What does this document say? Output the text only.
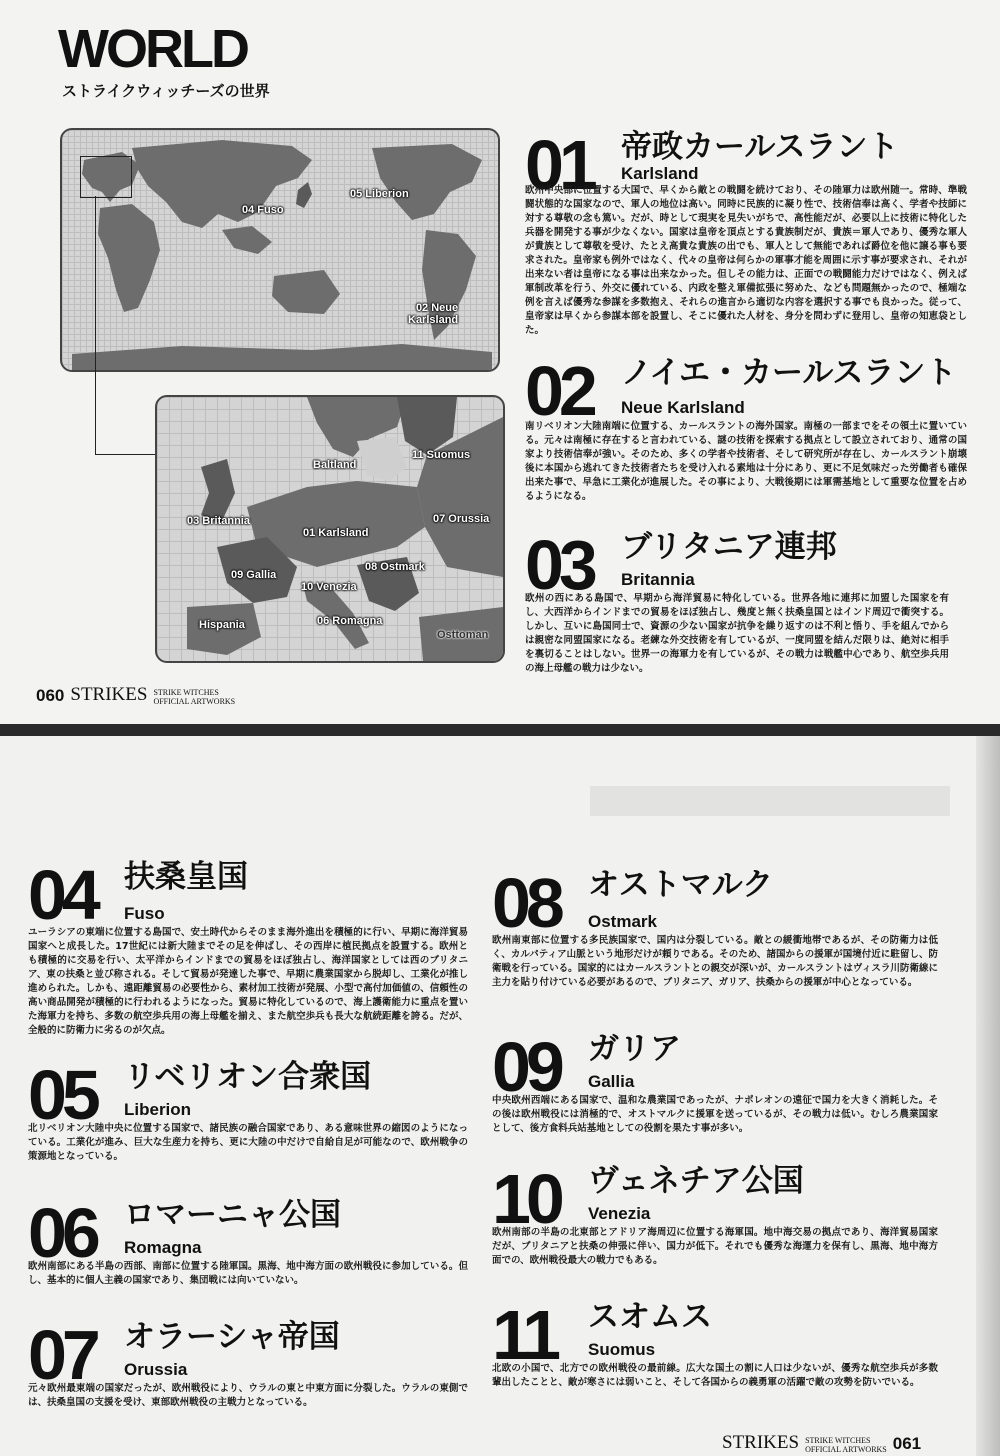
WORLD
ストライクウィッチーズの世界
04 Fuso
05 Liberion
02 Neue
Karlsland
Baltland
11 Suomus
03 Britannia
01 Karlsland
07 Orussia
09 Gallia
08 Ostmark
10 Venezia
Hispania	06 Romagna
Osttoman
01 帝政カールスラント
Karlsland
欧州中央部に位置する大国で、早くから敵との戦闘を続けており、その陸軍力は欧州随一。常時、準戦闘状態的な国家なので、軍人の地位は高い。同時に民族的に凝り性で、技術信奉は高く、学者や技師に対する尊敬の念も篤い。だが、時として現実を見失いがちで、高性能だが、必要以上に技術に特化した兵器を開発する事が少なくない。国家は皇帝を頂点とする貴族制だが、貴族＝軍人であり、優秀な軍人が貴族として尊敬を受け、たとえ高貴な貴族の出でも、軍人として無能であれば爵位を他に譲る事も要求された。皇帝家も例外ではなく、代々の皇帝は何らかの軍事才能を周囲に示す事が要求され、それが出来ない者は皇帝になる事は出来なかった。但しその能力は、正面での戦闘能力だけではなく、例えば軍制改革を行う、外交に優れている、内政を整え軍備拡張に努めた、なども問題無かったので、極端な例を言えば優秀な参謀を多数抱え、それらの進言から適切な内容を選択する事でも良かった。従って、皇帝家は早くから参謀本部を設置し、そこに優れた人材を、身分を問わずに登用し、皇帝の知恵袋とした。
02 ノイエ・カールスラント
Neue Karlsland
南リベリオン大陸南端に位置する、カールスラントの海外国家。南極の一部までをその領土に置いている。元々は南極に存在すると言われている、謎の技術を探索する拠点として設立されており、通常の国家より技術信奉が強い。そのため、多くの学者や技術者、そして研究所が存在し、カールスラント崩壊後に本国から逃れてきた技術者たちを受け入れる素地は十分にあり、更に不足気味だった労働者も確保出来た事で、早急に工業化が進展した。その事により、大戦後期には軍需基地として重要な位置を占めるようになる。
03 ブリタニア連邦
Britannia
欧州の西にある島国で、早期から海洋貿易に特化している。世界各地に連邦に加盟した国家を有し、大西洋からインドまでの貿易をほぼ独占し、幾度と無く扶桑皇国とはインド周辺で衝突する。しかし、互いに島国同士で、資源の少ない国家が抗争を繰り返すのは不利と悟り、手を組んでからは親密な同盟国家になる。老練な外交技術を有しているが、一度同盟を結んだ限りは、絶対に相手を裏切ることはしない。世界一の海軍力を有しているが、その戦力は戦艦中心であり、航空歩兵用の海上母艦の戦力は少ない。
060 STRIKES STRIKE WITCHES
OFFICIAL ARTWORKS
04 扶桑皇国
Fuso
ユーラシアの東端に位置する島国で、安土時代からそのまま海外進出を積極的に行い、早期に海洋貿易国家へと成長した。17世紀には新大陸までその足を伸ばし、その西岸に植民拠点を設置する。欧州とも積極的に交易を行い、太平洋からインドまでの貿易をほぼ独占し、海洋国家としては西のブリタニア、東の扶桑と並び称される。そして貿易が発達した事で、早期に農業国家から脱却し、工業化が推し進められた。しかも、遠距離貿易の必要性から、素材加工技術が発展、小型で高付加価値の、信頼性の高い商品開発が積極的に行われるようになった。貿易に特化しているので、海上護衛能力に重点を置いた海軍力を持ち、多数の航空歩兵用の海上母艦を揃え、また航空歩兵も長大な航続距離を誇る。だが、全般的に防衛力に劣るのが欠点。
05 リベリオン合衆国
Liberion
北リベリオン大陸中央に位置する国家で、諸民族の融合国家であり、ある意味世界の縮図のようになっている。工業化が進み、巨大な生産力を持ち、更に大陸の中だけで自給自足が可能なので、欧州戦争の策源地となっている。
06 ロマーニャ公国
Romagna
欧州南部にある半島の西部、南部に位置する陸軍国。黒海、地中海方面の欧州戦役に参加している。但し、基本的に個人主義の国家であり、集団戦には向いていない。
07 オラーシャ帝国
Orussia
元々欧州最東端の国家だったが、欧州戦役により、ウラルの東と中東方面に分裂した。ウラルの東側では、扶桑皇国の支援を受け、東部欧州戦役の主戦力となっている。
08 オストマルク
Ostmark
欧州南東部に位置する多民族国家で、国内は分裂している。敵との緩衝地帯であるが、その防衛力は低く、カルパティア山脈という地形だけが頼りである。そのため、諸国からの援軍が国境付近に駐留し、防衛戦を行っている。国家的にはカールスラントとの親交が深いが、カールスラントはヴィスラ川防衛線に主力を貼り付けている必要があるので、ブリタニア、ガリア、扶桑からの援軍が中心となっている。
09 ガリア
Gallia
中央欧州西端にある国家で、温和な農業国であったが、ナポレオンの遠征で国力を大きく消耗した。その後は欧州戦役には消極的で、オストマルクに援軍を送っているが、その戦力は低い。むしろ農業国家として、後方食料兵站基地としての役割を果たす事が多い。
10 ヴェネチア公国
Venezia
欧州南部の半島の北東部とアドリア海周辺に位置する海軍国。地中海交易の拠点であり、海洋貿易国家だが、ブリタニアと扶桑の伸張に伴い、国力が低下。それでも優秀な海運力を保有し、黒海、地中海方面での、欧州戦役最大の戦力でもある。
11 スオムス
Suomus
北欧の小国で、北方での欧州戦役の最前線。広大な国土の割に人口は少ないが、優秀な航空歩兵が多数輩出したことと、敵が寒さには弱いこと、そして各国からの義勇軍の活躍で敵の攻勢を防いでいる。
STRIKES STRIKE WITCHES
OFFICIAL ARTWORKS 061
